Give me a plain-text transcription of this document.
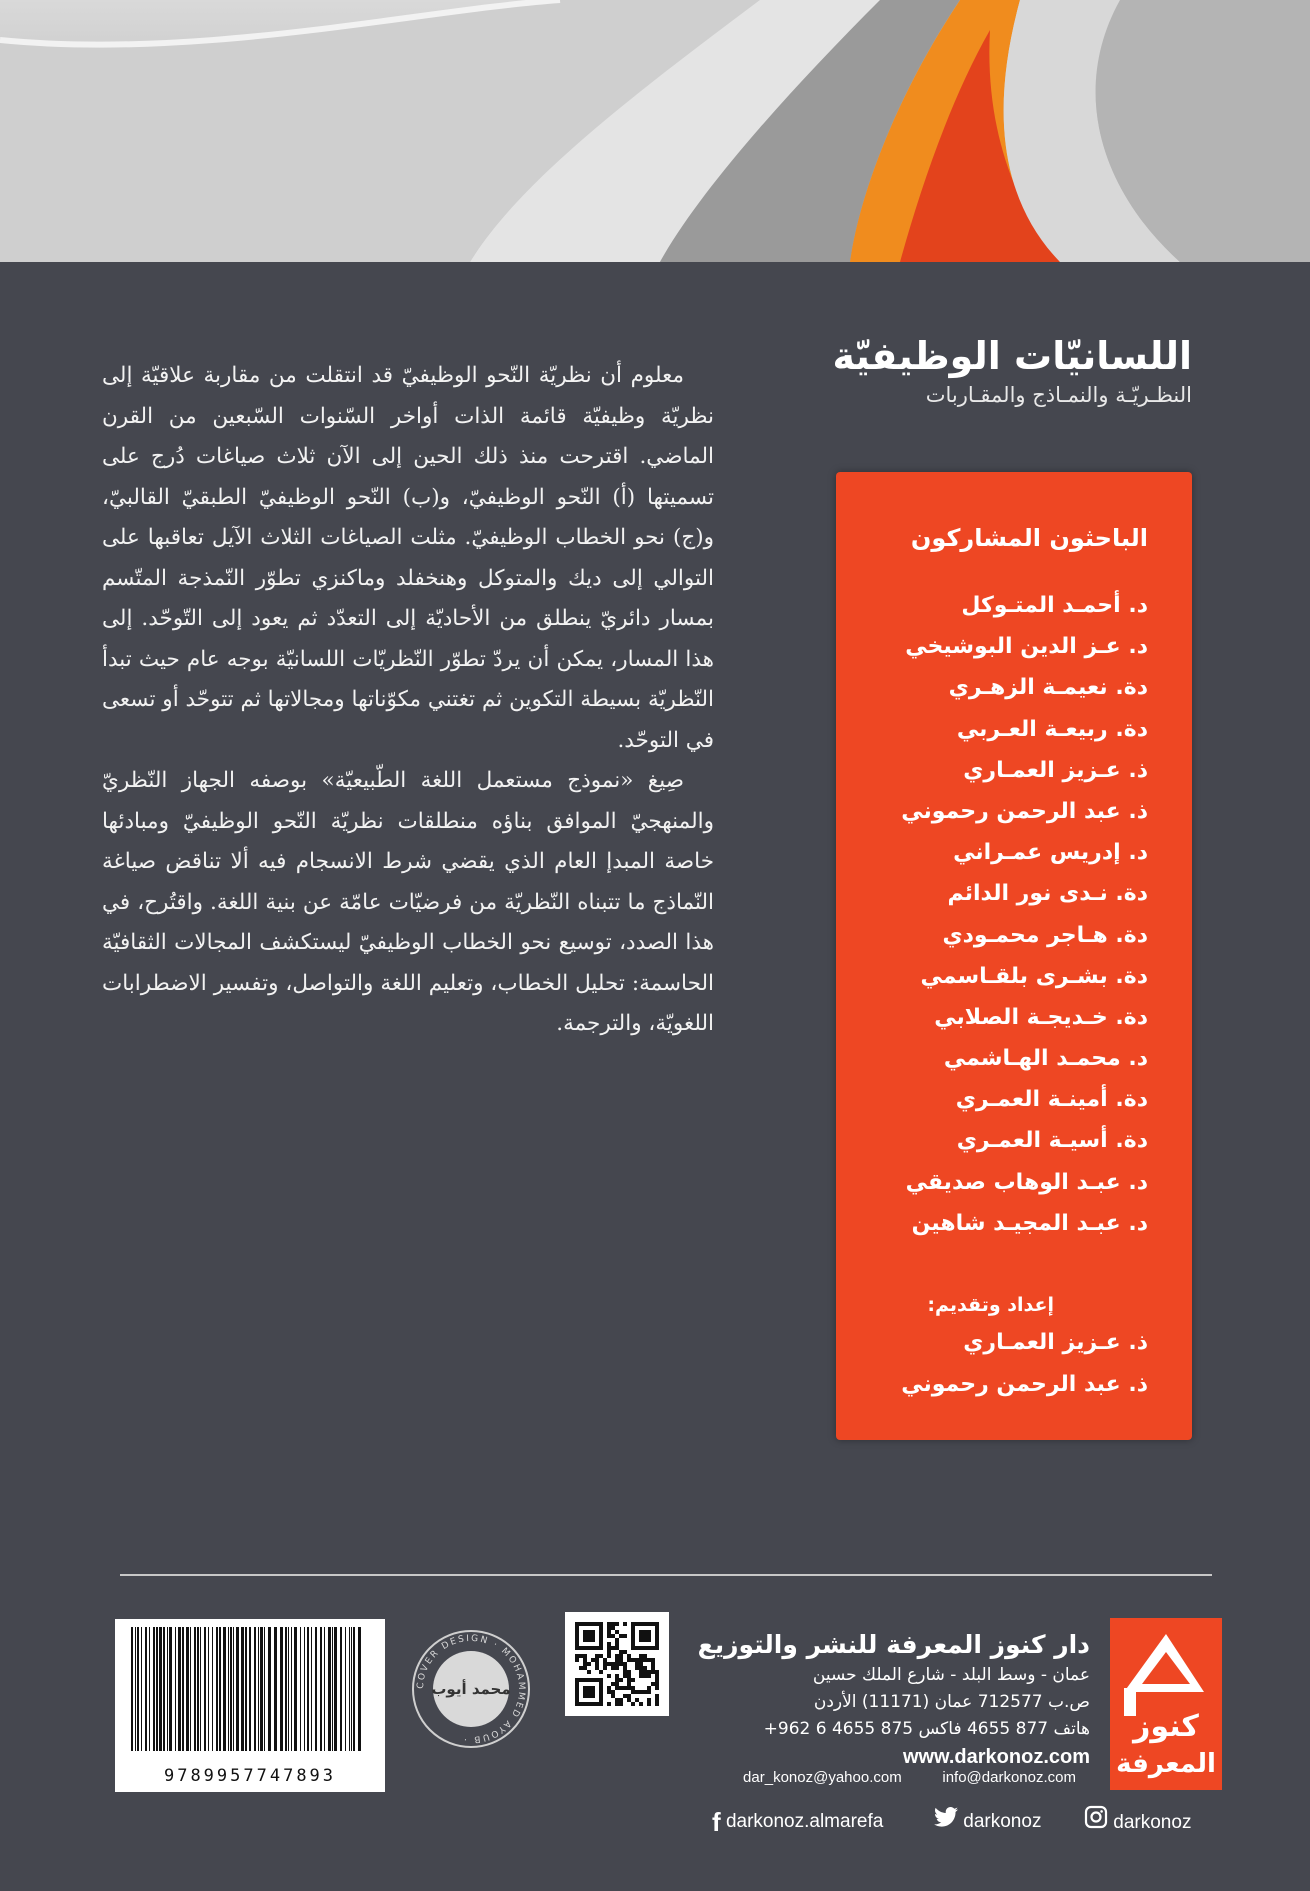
اللسانيّات الوظيفيّة
النظـريّـة والنمـاذج والمقـاربات
الباحثون المشاركون
د. أحمـد المتـوكل
د. عـز الدين البوشيخي
دة. نعيمـة الزهـري
دة. ربيعـة العـربي
ذ. عـزيز العمـاري
ذ. عبد الرحمن رحموني
د. إدريس عمـراني
دة. نـدى نور الدائم
دة. هـاجر محمـودي
دة. بشـرى بلقـاسمي
دة. خـديجـة الصلابي
د. محمـد الهـاشمي
دة. أمينـة العمـري
دة. أسيـة العمـري
د. عبـد الوهاب صديقي
د. عبـد المجيـد شاهين
إعداد وتقديم:
ذ. عـزيز العمـاري
ذ. عبد الرحمن رحموني

معلوم أن نظريّة النّحو الوظيفيّ قد انتقلت من مقاربة علاقيّة إلى نظريّة وظيفيّة قائمة الذات أواخر السّنوات السّبعين من القرن الماضي. اقترحت منذ ذلك الحين إلى الآن ثلاث صياغات دُرج على تسميتها (أ) النّحو الوظيفيّ، و(ب) النّحو الوظيفيّ الطبقيّ القالبيّ، و(ج) نحو الخطاب الوظيفيّ. مثلت الصياغات الثلاث الآيل تعاقبها على التوالي إلى ديك والمتوكل وهنخفلد وماكنزي تطوّر النّمذجة المتّسم بمسار دائريّ ينطلق من الأحاديّة إلى التعدّد ثم يعود إلى التّوحّد. إلى هذا المسار، يمكن أن يردّ تطوّر النّظريّات اللسانيّة بوجه عام حيث تبدأ النّظريّة بسيطة التكوين ثم تغتني مكوّناتها ومجالاتها ثم تتوحّد أو تسعى في التوحّد.

صِيغ «نموذج مستعمل اللغة الطّبيعيّة» بوصفه الجهاز النّظريّ والمنهجيّ الموافق بناؤه منطلقات نظريّة النّحو الوظيفيّ ومبادئها خاصة المبدإ العام الذي يقضي شرط الانسجام فيه ألا تناقض صياغة النّماذج ما تتبناه النّظريّة من فرضيّات عامّة عن بنية اللغة. واقتُرح، في هذا الصدد، توسيع نحو الخطاب الوظيفيّ ليستكشف المجالات الثقافيّة الحاسمة: تحليل الخطاب، وتعليم اللغة والتواصل، وتفسير الاضطرابات اللغويّة، والترجمة.

9789957747893
COVER DESIGN · MOHAMMED AYOUB ·
محمد أيوب
دار كنوز المعرفة للنشر والتوزيع
عمان - وسط البلد - شارع الملك حسين
ص.ب 712577 عمان (11171) الأردن
هاتف 877 4655 فاكس 875 4655 6 962+
www.darkonoz.com
dar_konoz@yahoo.com	info@darkonoz.com
f darkonoz.almarefa	darkonoz	darkonoz
كنوز
المعرفة
